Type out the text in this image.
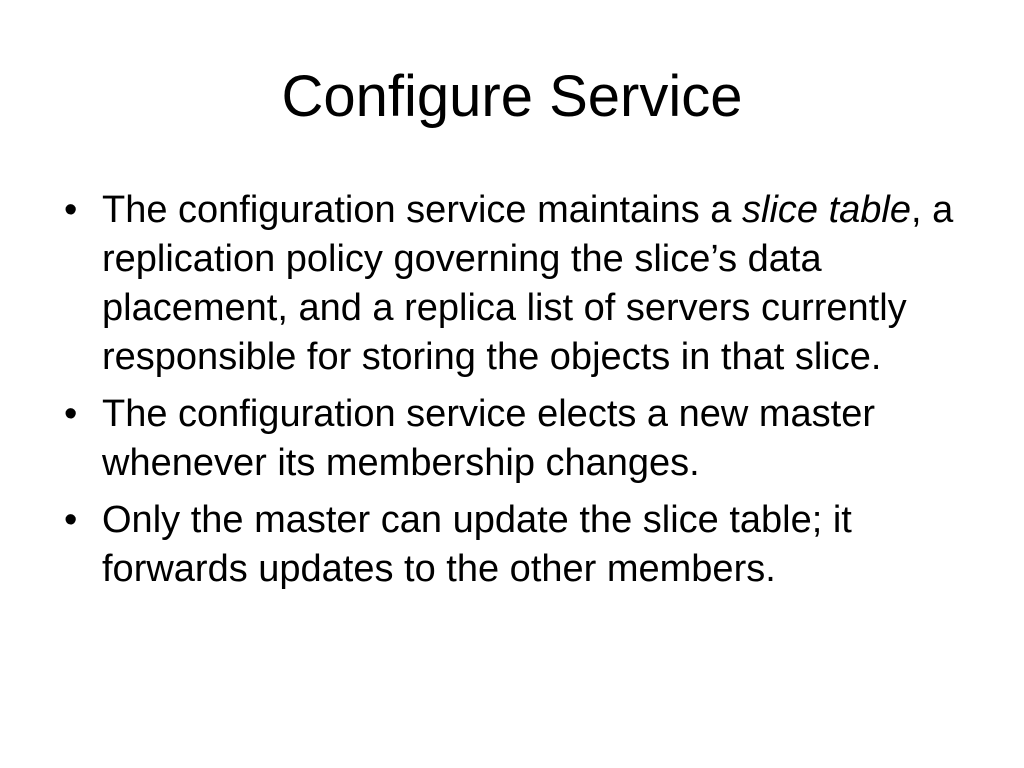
Configure Service
• The configuration service maintains a slice table, a replication policy governing the slice’s data placement, and a replica list of servers currently responsible for storing the objects in that slice.
• The configuration service elects a new master whenever its membership changes.
• Only the master can update the slice table; it forwards updates to the other members.
